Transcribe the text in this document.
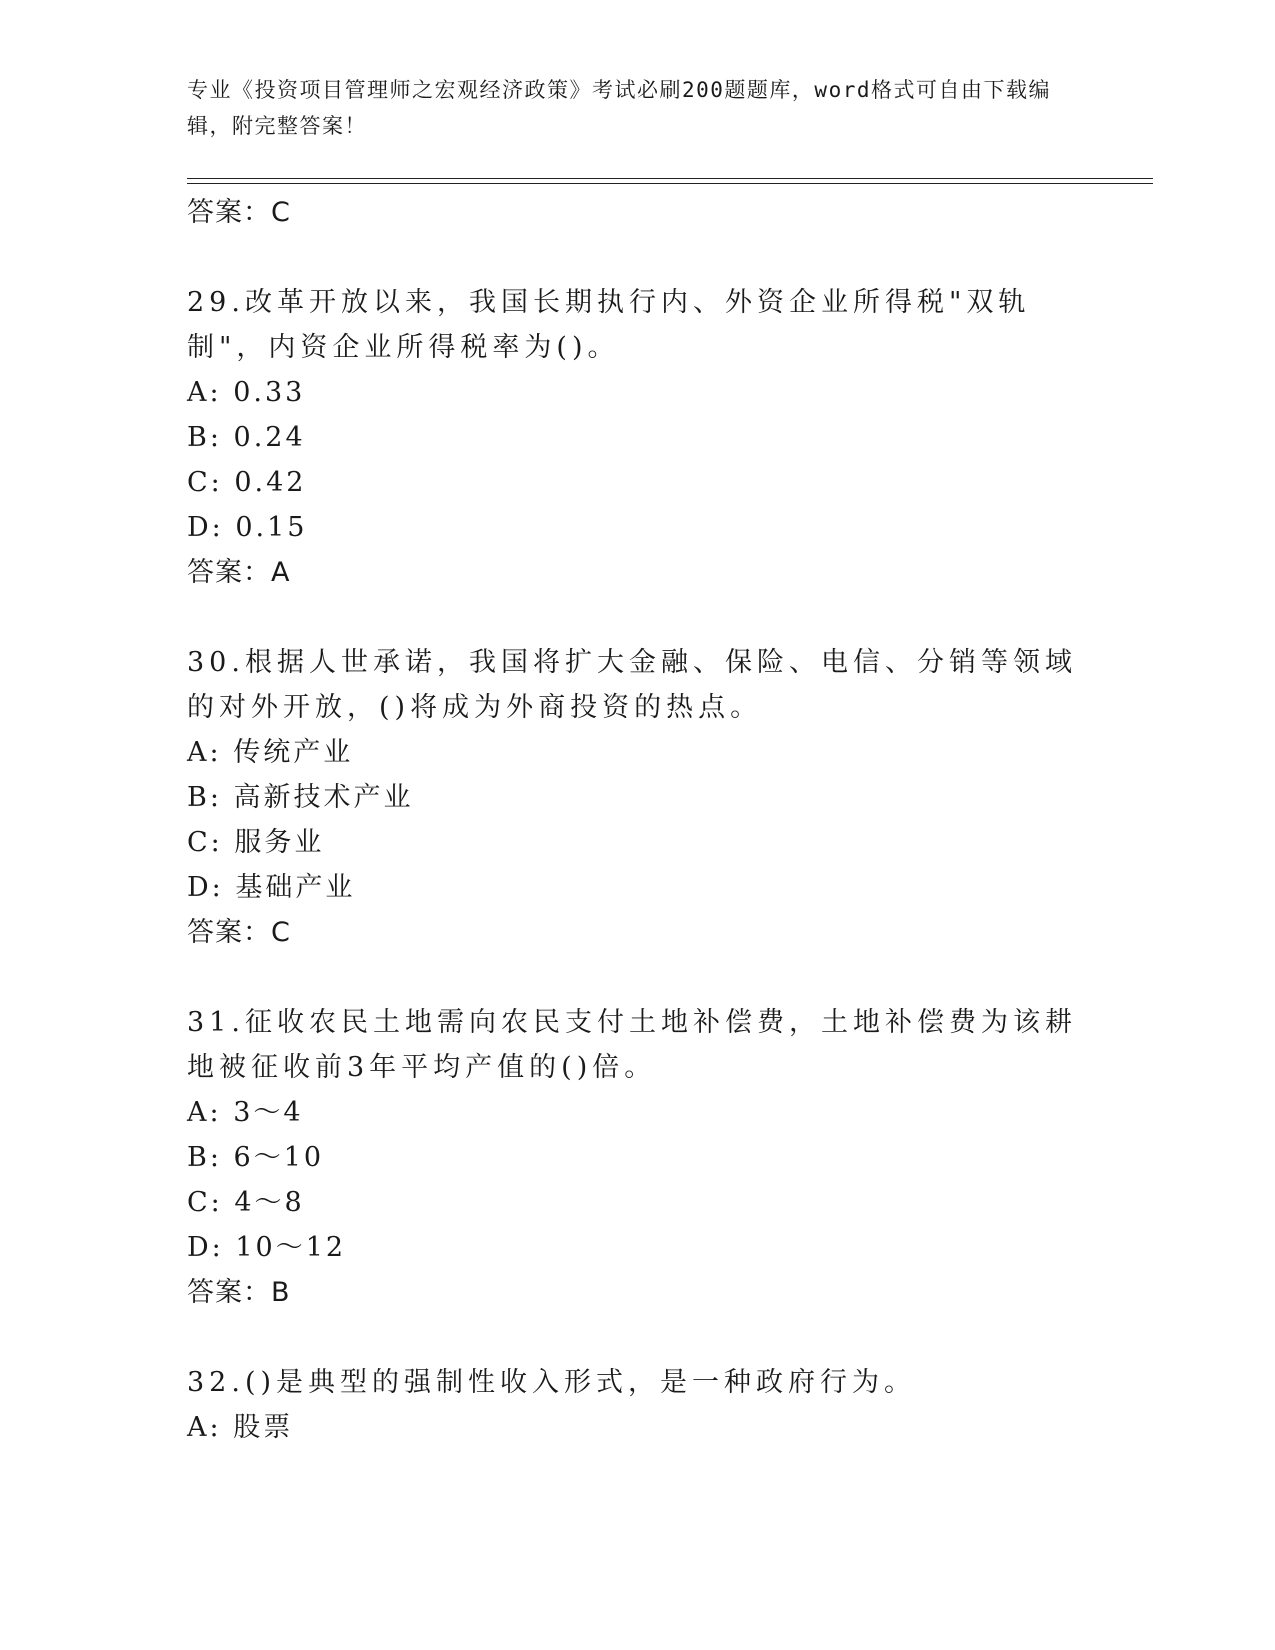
专业《投资项目管理师之宏观经济政策》考试必刷200题题库，word格式可自由下载编辑，附完整答案！
答案：C

29.改革开放以来，我国长期执行内、外资企业所得税"双轨制"，内资企业所得税率为()。

A: 0.33
B: 0.24
C: 0.42
D: 0.15
答案：A

30.根据人世承诺，我国将扩大金融、保险、电信、分销等领域的对外开放，()将成为外商投资的热点。

A: 传统产业
B: 高新技术产业
C: 服务业
D: 基础产业
答案：C

31.征收农民土地需向农民支付土地补偿费，土地补偿费为该耕地被征收前3年平均产值的()倍。

A: 3～4
B: 6～10
C: 4～8
D: 10～12
答案：B

32.()是典型的强制性收入形式，是一种政府行为。

A: 股票
